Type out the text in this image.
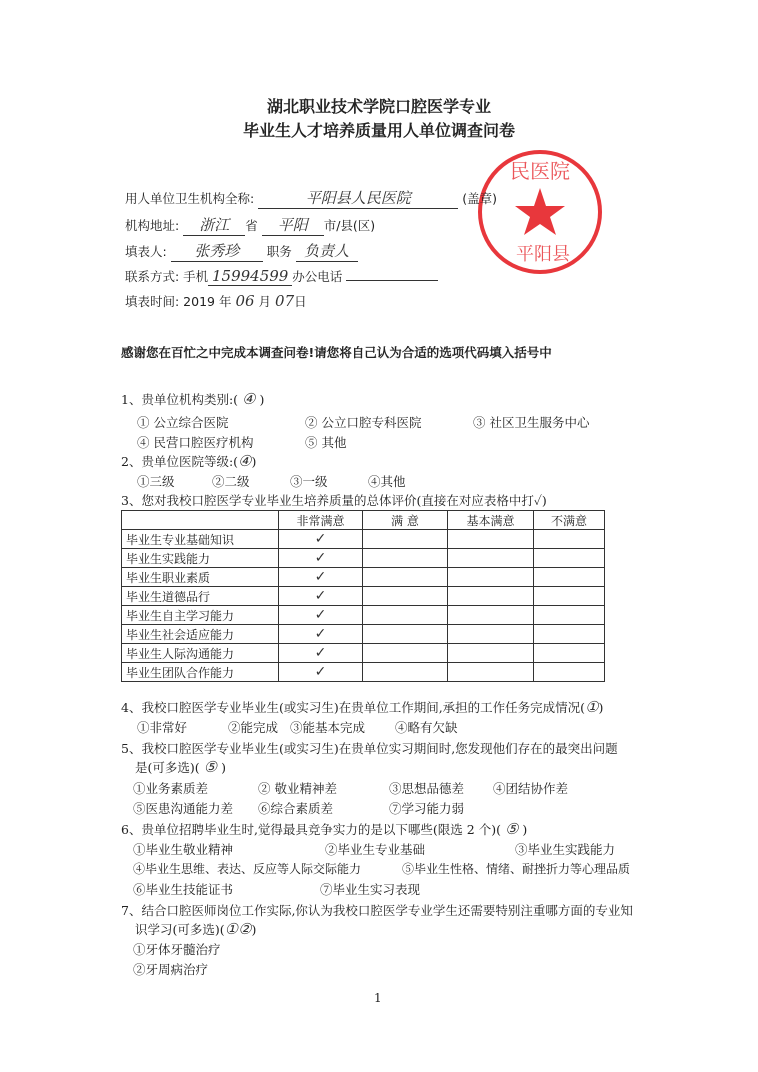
湖北职业技术学院口腔医学专业
毕业生人才培养质量用人单位调查问卷
民医院
平阳县
用人单位卫生机构全称:	平阳县人民医院	(盖章)
机构地址: 浙江 省 平阳 市/县(区)
填表人: 张秀珍 职务 负责人
联系方式: 手机 15994599 办公电话
填表时间: 2019 年 06 月 07日
感谢您在百忙之中完成本调查问卷!请您将自己认为合适的选项代码填入括号中
1、贵单位机构类别:( ④ )
① 公立综合医院	② 公立口腔专科医院	③ 社区卫生服务中心
④ 民营口腔医疗机构	⑤ 其他
2、贵单位医院等级:(④)
①三级	②二级	③一级	④其他
3、您对我校口腔医学专业毕业生培养质量的总体评价(直接在对应表格中打✓)
	非常满意	满 意	基本满意	不满意
毕业生专业基础知识	✓			
毕业生实践能力	✓			
毕业生职业素质	✓			
毕业生道德品行	✓			
毕业生自主学习能力	✓			
毕业生社会适应能力	✓			
毕业生人际沟通能力	✓			
毕业生团队合作能力	✓			
4、我校口腔医学专业毕业生(或实习生)在贵单位工作期间,承担的工作任务完成情况(①)
①非常好	②能完成 ③能基本完成 ④略有欠缺
5、我校口腔医学专业毕业生(或实习生)在贵单位实习期间时,您发现他们存在的最突出问题
是(可多选)( ⑤ )
①业务素质差	② 敬业精神差	③思想品德差 ④团结协作差
⑤医患沟通能力差 ⑥综合素质差	⑦学习能力弱
6、贵单位招聘毕业生时,觉得最具竞争实力的是以下哪些(限选 2 个)( ⑤ )
①毕业生敬业精神	②毕业生专业基础	③毕业生实践能力
④毕业生思维、表达、反应等人际交际能力	⑤毕业生性格、情绪、耐挫折力等心理品质
⑥毕业生技能证书	⑦毕业生实习表现
7、结合口腔医师岗位工作实际,你认为我校口腔医学专业学生还需要特别注重哪方面的专业知
识学习(可多选)(①②)
①牙体牙髓治疗
②牙周病治疗
1
